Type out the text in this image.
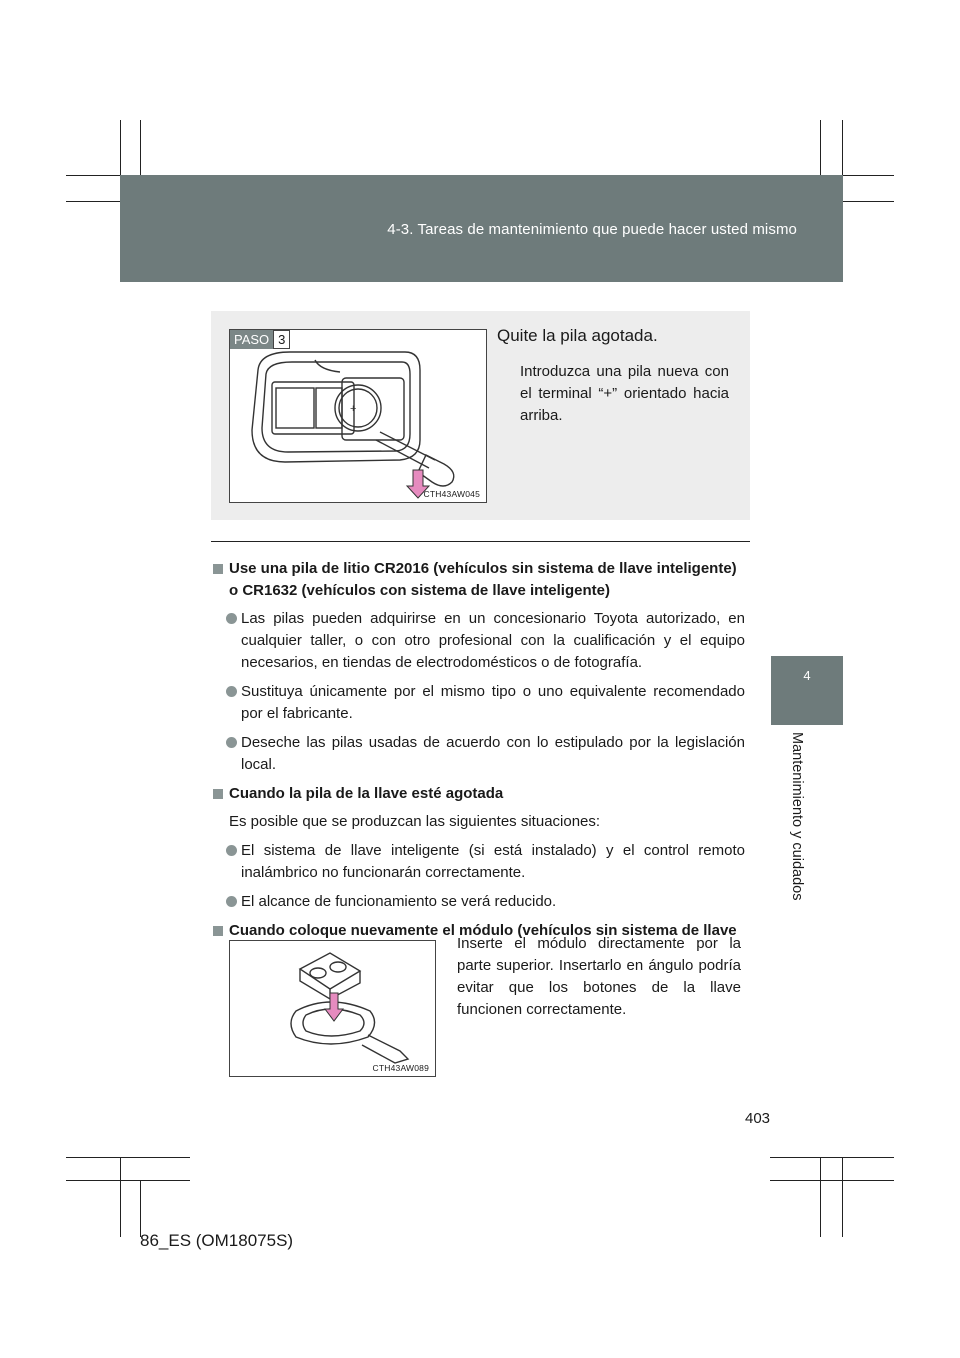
4-3. Tareas de mantenimiento que puede hacer usted mismo
4
Mantenimiento y cuidados
PASO 3
+
CTH43AW045
Quite la pila agotada.
Introduzca una pila nueva con el terminal “+” orientado hacia arriba.
Use una pila de litio CR2016 (vehículos sin sistema de llave inteligente) o CR1632 (vehículos con sistema de llave inteligente)
Las pilas pueden adquirirse en un concesionario Toyota autorizado, en cualquier taller, o con otro profesional con la cualificación y el equipo necesarios, en tiendas de electrodomésticos o de fotografía.
Sustituya únicamente por el mismo tipo o uno equivalente recomendado por el fabricante.
Deseche las pilas usadas de acuerdo con lo estipulado por la legislación local.
Cuando la pila de la llave esté agotada
Es posible que se produzcan las siguientes situaciones:
El sistema de llave inteligente (si está instalado) y el control remoto inalámbrico no funcionarán correctamente.
El alcance de funcionamiento se verá reducido.
Cuando coloque nuevamente el módulo (vehículos sin sistema de llave
CTH43AW089
Inserte el módulo directamente por la parte superior. Insertarlo en ángulo podría evitar que los botones de la llave funcionen correctamente.
403
86_ES (OM18075S)
